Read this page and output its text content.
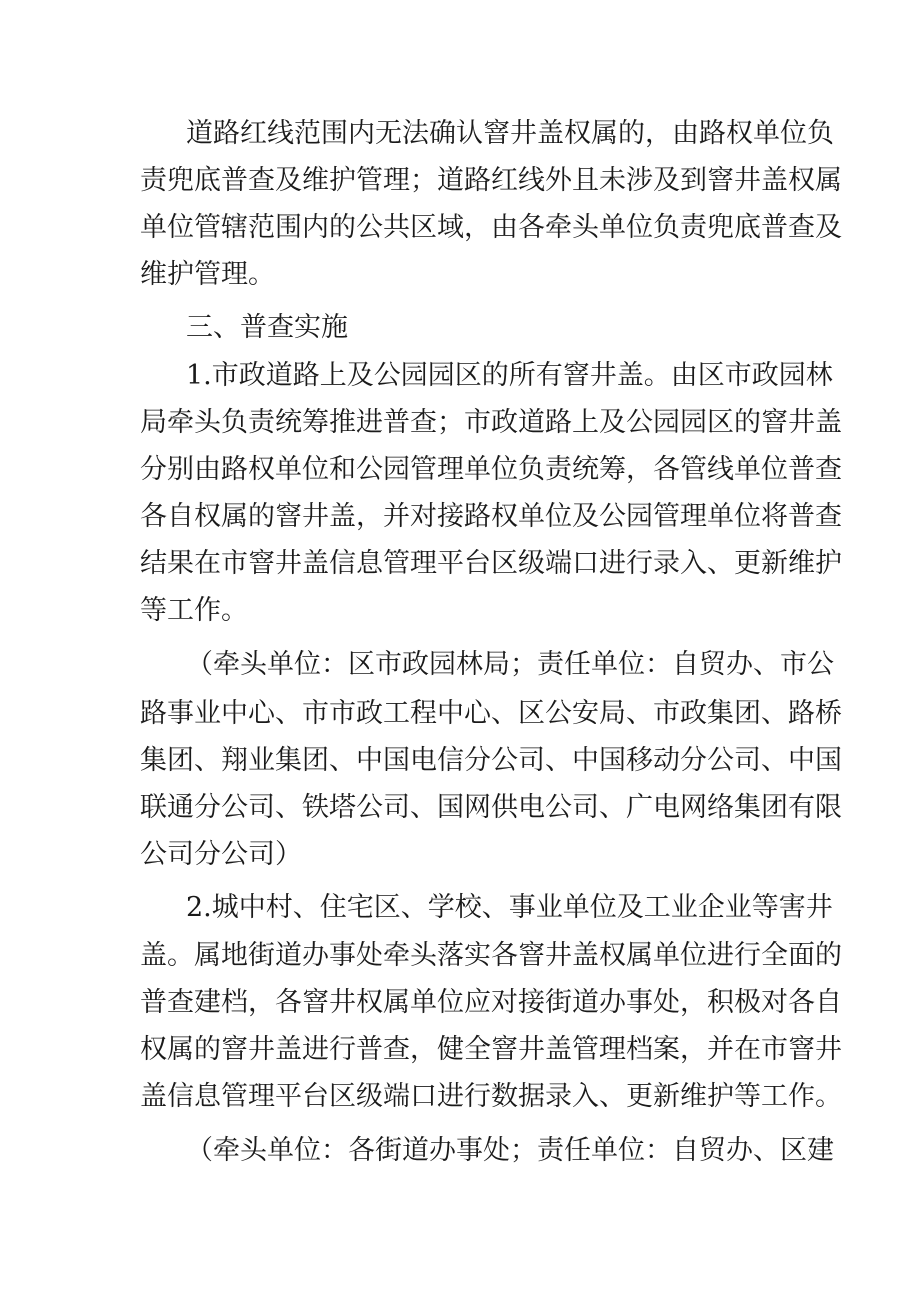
道路红线范围内无法确认窨井盖权属的，由路权单位负
责兜底普查及维护管理；道路红线外且未涉及到窨井盖权属
单位管辖范围内的公共区域，由各牵头单位负责兜底普查及
维护管理。
三、普查实施
1.市政道路上及公园园区的所有窨井盖。由区市政园林
局牵头负责统筹推进普查；市政道路上及公园园区的窨井盖
分别由路权单位和公园管理单位负责统筹，各管线单位普查
各自权属的窨井盖，并对接路权单位及公园管理单位将普查
结果在市窨井盖信息管理平台区级端口进行录入、更新维护
等工作。
（牵头单位：区市政园林局；责任单位：自贸办、市公
路事业中心、市市政工程中心、区公安局、市政集团、路桥
集团、翔业集团、中国电信分公司、中国移动分公司、中国
联通分公司、铁塔公司、国网供电公司、广电网络集团有限
公司分公司）
2.城中村、住宅区、学校、事业单位及工业企业等害井
盖。属地街道办事处牵头落实各窨井盖权属单位进行全面的
普查建档，各窨井权属单位应对接街道办事处，积极对各自
权属的窨井盖进行普查，健全窨井盖管理档案，并在市窨井
盖信息管理平台区级端口进行数据录入、更新维护等工作。
（牵头单位：各街道办事处；责任单位：自贸办、区建
